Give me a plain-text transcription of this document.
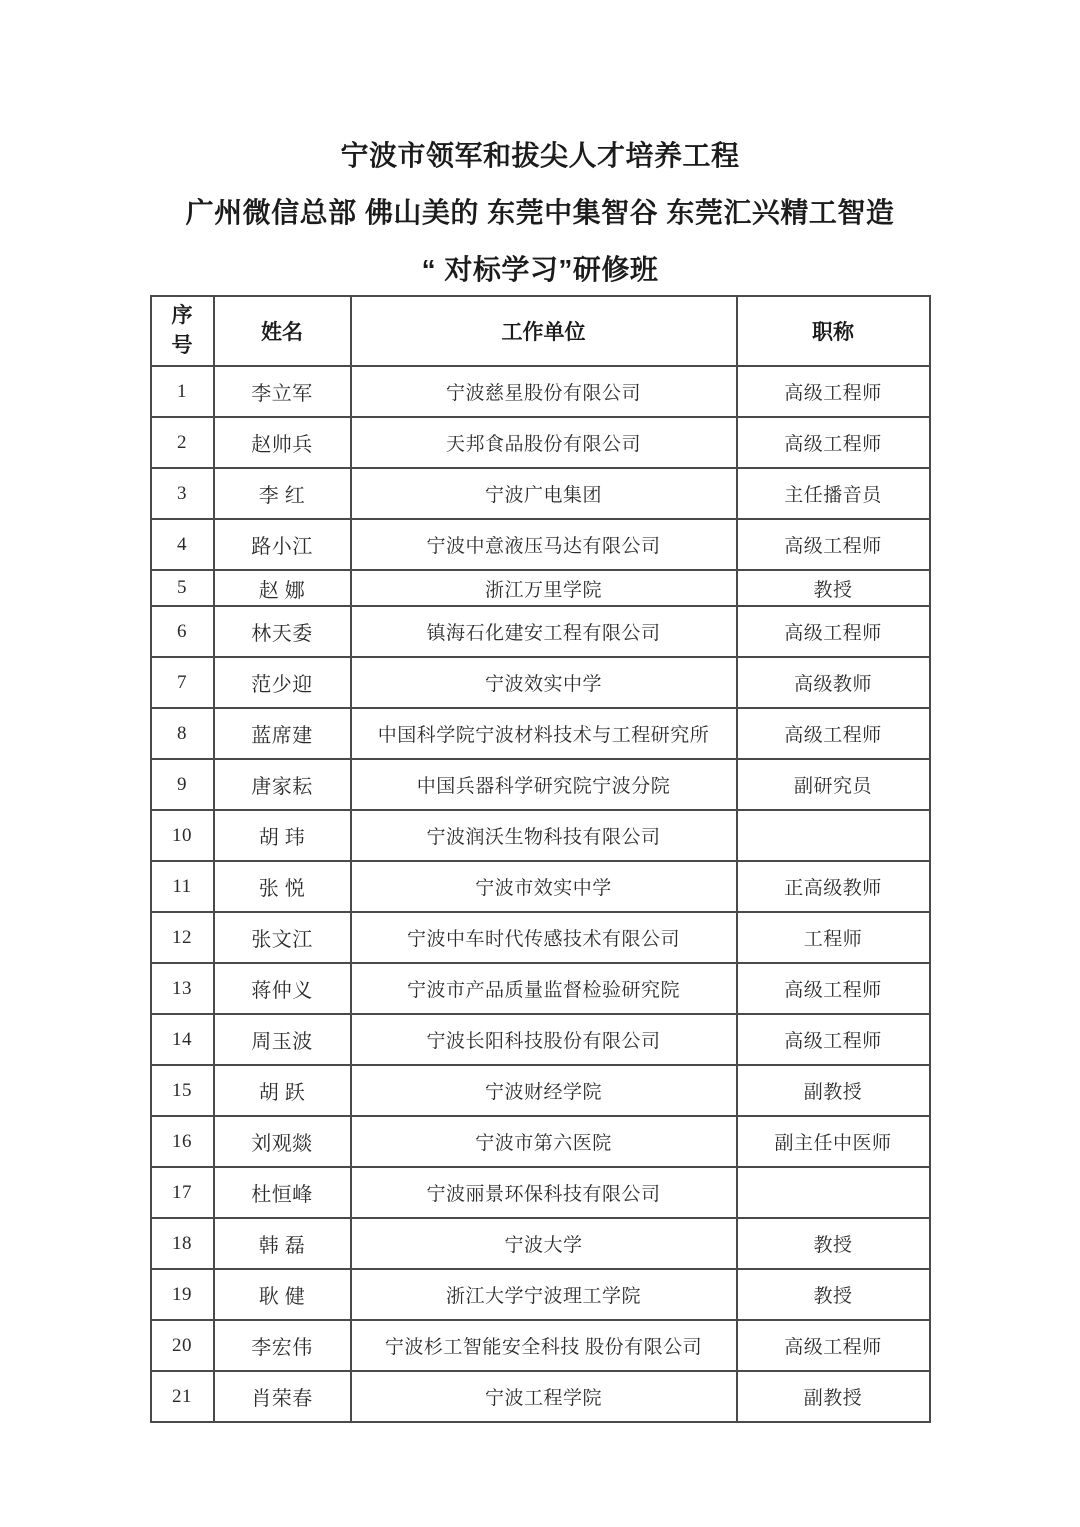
宁波市领军和拔尖人才培养工程

广州微信总部 佛山美的 东莞中集智谷 东莞汇兴精工智造

“ 对标学习”研修班

序号	姓名	工作单位	职称
1	李立军	宁波慈星股份有限公司	高级工程师
2	赵帅兵	天邦食品股份有限公司	高级工程师
3	李 红	宁波广电集团	主任播音员
4	路小江	宁波中意液压马达有限公司	高级工程师
5	赵 娜	浙江万里学院	教授
6	林天委	镇海石化建安工程有限公司	高级工程师
7	范少迎	宁波效实中学	高级教师
8	蓝席建	中国科学院宁波材料技术与工程研究所	高级工程师
9	唐家耘	中国兵器科学研究院宁波分院	副研究员
10	胡 玮	宁波润沃生物科技有限公司	
11	张 悦	宁波市效实中学	正高级教师
12	张文江	宁波中车时代传感技术有限公司	工程师
13	蒋仲义	宁波市产品质量监督检验研究院	高级工程师
14	周玉波	宁波长阳科技股份有限公司	高级工程师
15	胡 跃	宁波财经学院	副教授
16	刘观燚	宁波市第六医院	副主任中医师
17	杜恒峰	宁波丽景环保科技有限公司	
18	韩 磊	宁波大学	教授
19	耿 健	浙江大学宁波理工学院	教授
20	李宏伟	宁波杉工智能安全科技 股份有限公司	高级工程师
21	肖荣春	宁波工程学院	副教授
